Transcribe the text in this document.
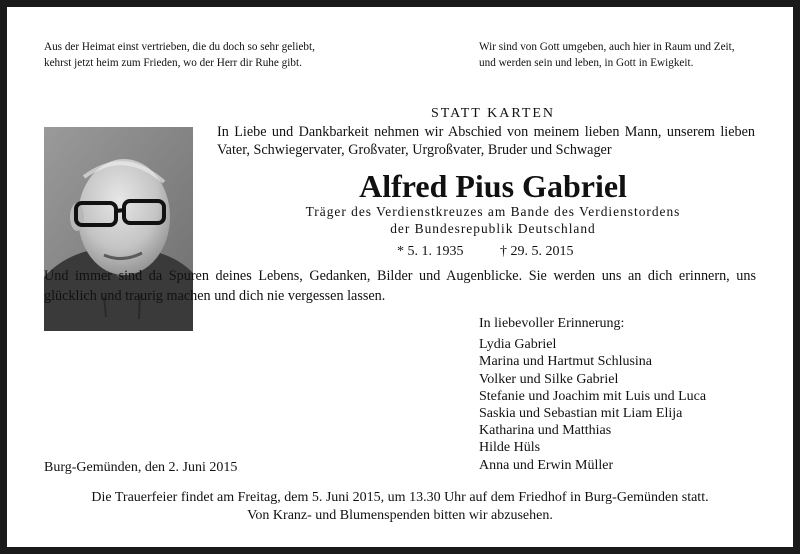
Aus der Heimat einst vertrieben, die du doch so sehr geliebt,
kehrst jetzt heim zum Frieden, wo der Herr dir Ruhe gibt.
Wir sind von Gott umgeben, auch hier in Raum und Zeit,
und werden sein und leben, in Gott in Ewigkeit.
STATT KARTEN
In Liebe und Dankbarkeit nehmen wir Abschied von meinem lieben Mann, unserem lieben Vater, Schwiegervater, Großvater, Urgroßvater, Bruder und Schwager
Alfred Pius Gabriel
Träger des Verdienstkreuzes am Bande des Verdienstordens
der Bundesrepublik Deutschland
* 5. 1. 1935	† 29. 5. 2015
Und immer sind da Spuren deines Lebens, Gedanken, Bilder und Augenblicke. Sie werden uns an dich erinnern, uns glücklich und traurig machen und dich nie vergessen lassen.
In liebevoller Erinnerung:
Lydia Gabriel
Marina und Hartmut Schlusina
Volker und Silke Gabriel
Stefanie und Joachim mit Luis und Luca
Saskia und Sebastian mit Liam Elija
Katharina und Matthias
Hilde Hüls
Anna und Erwin Müller
Burg-Gemünden, den 2. Juni 2015
Die Trauerfeier findet am Freitag, dem 5. Juni 2015, um 13.30 Uhr auf dem Friedhof in Burg-Gemünden statt.
Von Kranz- und Blumenspenden bitten wir abzusehen.
